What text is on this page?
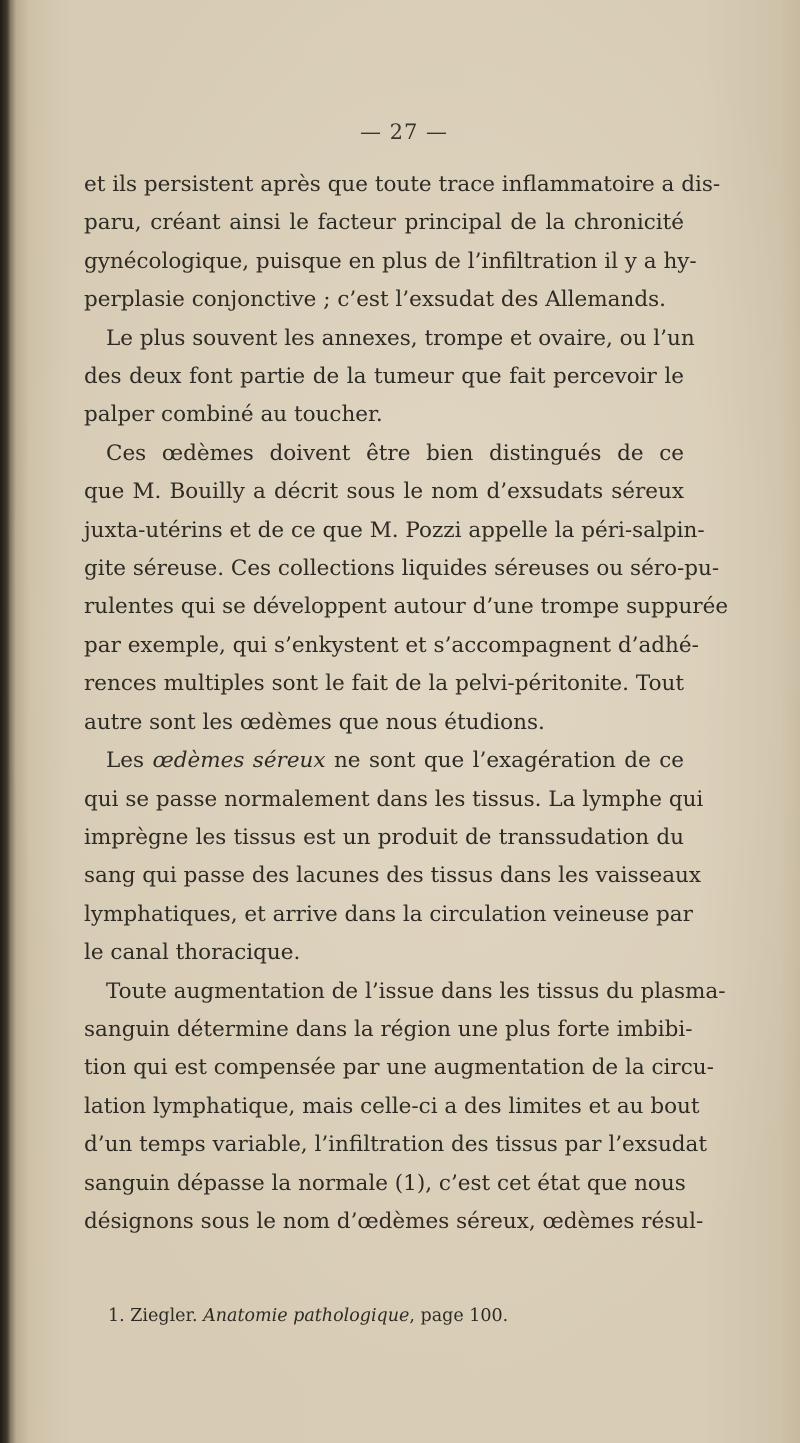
— 27 —

et ils persistent après que toute trace inflammatoire a dis-
paru, créant ainsi le facteur principal de la chronicité
gynécologique, puisque en plus de l’infiltration il y a hy-
perplasie conjonctive ; c’est l’exsudat des Allemands.

Le plus souvent les annexes, trompe et ovaire, ou l’un
des deux font partie de la tumeur que fait percevoir le
palper combiné au toucher.

Ces œdèmes doivent être bien distingués de ce
que M. Bouilly a décrit sous le nom d’exsudats séreux
juxta-utérins et de ce que M. Pozzi appelle la péri-salpin-
gite séreuse. Ces collections liquides séreuses ou séro-pu-
rulentes qui se développent autour d’une trompe suppurée
par exemple, qui s’enkystent et s’accompagnent d’adhé-
rences multiples sont le fait de la pelvi-péritonite. Tout
autre sont les œdèmes que nous étudions.

Les œdèmes séreux ne sont que l’exagération de ce
qui se passe normalement dans les tissus. La lymphe qui
imprègne les tissus est un produit de transsudation du
sang qui passe des lacunes des tissus dans les vaisseaux
lymphatiques, et arrive dans la circulation veineuse par
le canal thoracique.

Toute augmentation de l’issue dans les tissus du plasma-
sanguin détermine dans la région une plus forte imbibi-
tion qui est compensée par une augmentation de la circu-
lation lymphatique, mais celle-ci a des limites et au bout
d’un temps variable, l’infiltration des tissus par l’exsudat
sanguin dépasse la normale (1), c’est cet état que nous
désignons sous le nom d’œdèmes séreux, œdèmes résul-

1. Ziegler. Anatomie pathologique, page 100.
